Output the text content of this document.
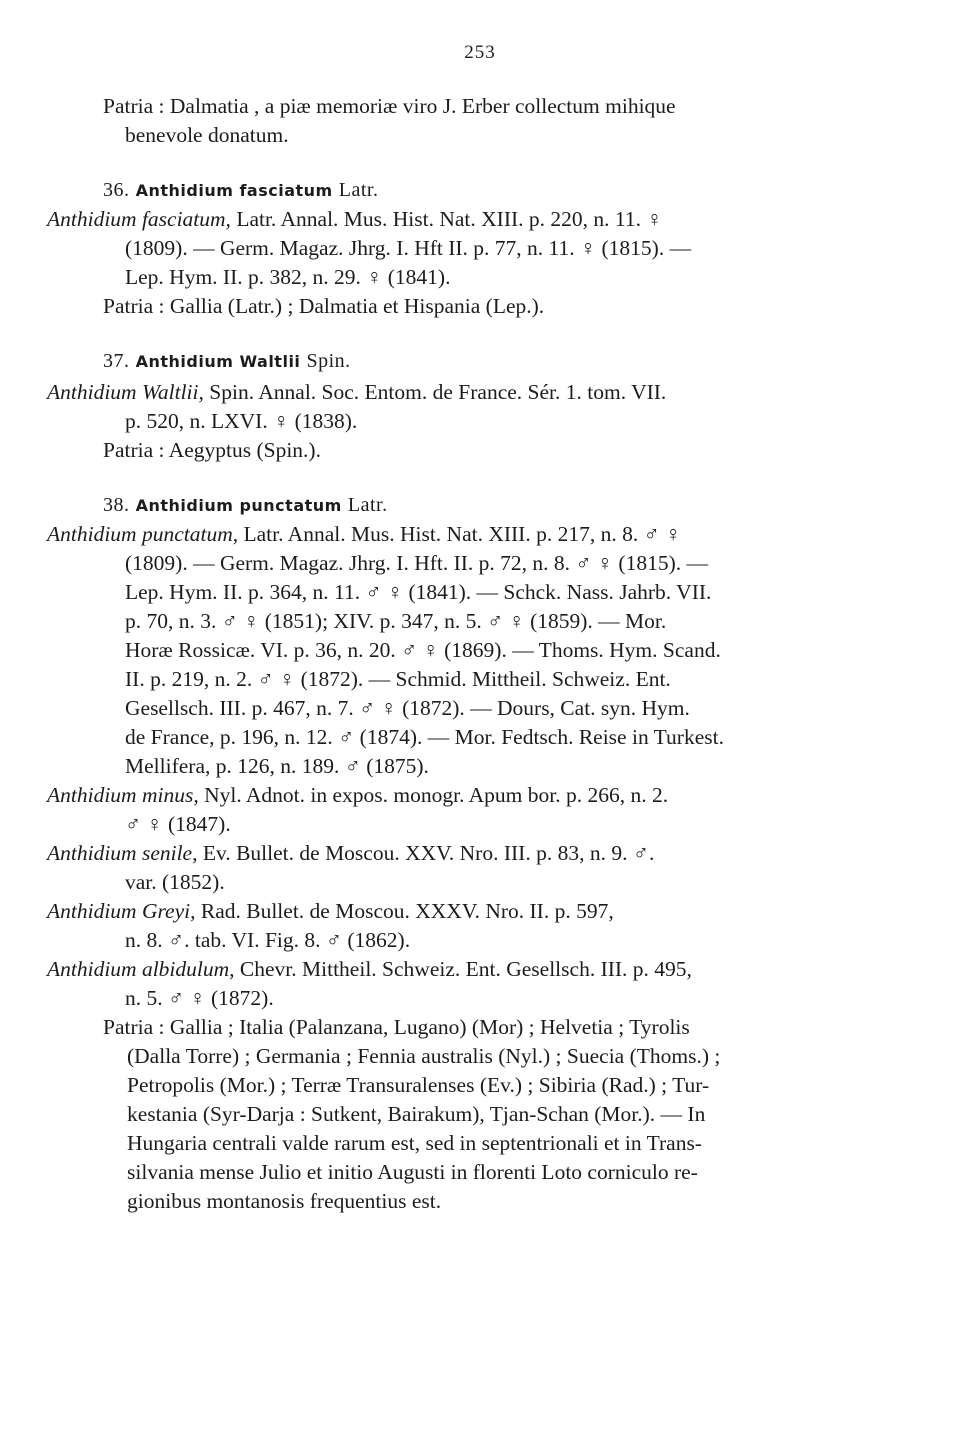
253
Patria : Dalmatia , a piæ memoriæ viro J. Erber collectum mihique
benevole donatum.
36. Anthidium fasciatum Latr.
Anthidium fasciatum, Latr. Annal. Mus. Hist. Nat. XIII. p. 220, n. 11. ♀
(1809). — Germ. Magaz. Jhrg. I. Hft II. p. 77, n. 11. ♀ (1815). —
Lep. Hym. II. p. 382, n. 29. ♀ (1841).
Patria : Gallia (Latr.) ; Dalmatia et Hispania (Lep.).
37. Anthidium Waltlii Spin.
Anthidium Waltlii, Spin. Annal. Soc. Entom. de France. Sér. 1. tom. VII.
p. 520, n. LXVI. ♀ (1838).
Patria : Aegyptus (Spin.).
38. Anthidium punctatum Latr.
Anthidium punctatum, Latr. Annal. Mus. Hist. Nat. XIII. p. 217, n. 8. ♂ ♀
(1809). — Germ. Magaz. Jhrg. I. Hft. II. p. 72, n. 8. ♂ ♀ (1815). —
Lep. Hym. II. p. 364, n. 11. ♂ ♀ (1841). — Schck. Nass. Jahrb. VII.
p. 70, n. 3. ♂ ♀ (1851); XIV. p. 347, n. 5. ♂ ♀ (1859). — Mor.
Horæ Rossicæ. VI. p. 36, n. 20. ♂ ♀ (1869). — Thoms. Hym. Scand.
II. p. 219, n. 2. ♂ ♀ (1872). — Schmid. Mittheil. Schweiz. Ent.
Gesellsch. III. p. 467, n. 7. ♂ ♀ (1872). — Dours, Cat. syn. Hym.
de France, p. 196, n. 12. ♂ (1874). — Mor. Fedtsch. Reise in Turkest.
Mellifera, p. 126, n. 189. ♂ (1875).
Anthidium minus, Nyl. Adnot. in expos. monogr. Apum bor. p. 266, n. 2.
♂ ♀ (1847).
Anthidium senile, Ev. Bullet. de Moscou. XXV. Nro. III. p. 83, n. 9. ♂.
var. (1852).
Anthidium Greyi, Rad. Bullet. de Moscou. XXXV. Nro. II. p. 597,
n. 8. ♂. tab. VI. Fig. 8. ♂ (1862).
Anthidium albidulum, Chevr. Mittheil. Schweiz. Ent. Gesellsch. III. p. 495,
n. 5. ♂ ♀ (1872).
Patria : Gallia ; Italia (Palanzana, Lugano) (Mor) ; Helvetia ; Tyrolis
(Dalla Torre) ; Germania ; Fennia australis (Nyl.) ; Suecia (Thoms.) ;
Petropolis (Mor.) ; Terræ Transuralenses (Ev.) ; Sibiria (Rad.) ; Tur-
kestania (Syr-Darja : Sutkent, Bairakum), Tjan-Schan (Mor.). — In
Hungaria centrali valde rarum est, sed in septentrionali et in Trans-
silvania mense Julio et initio Augusti in florenti Loto corniculo re-
gionibus montanosis frequentius est.
